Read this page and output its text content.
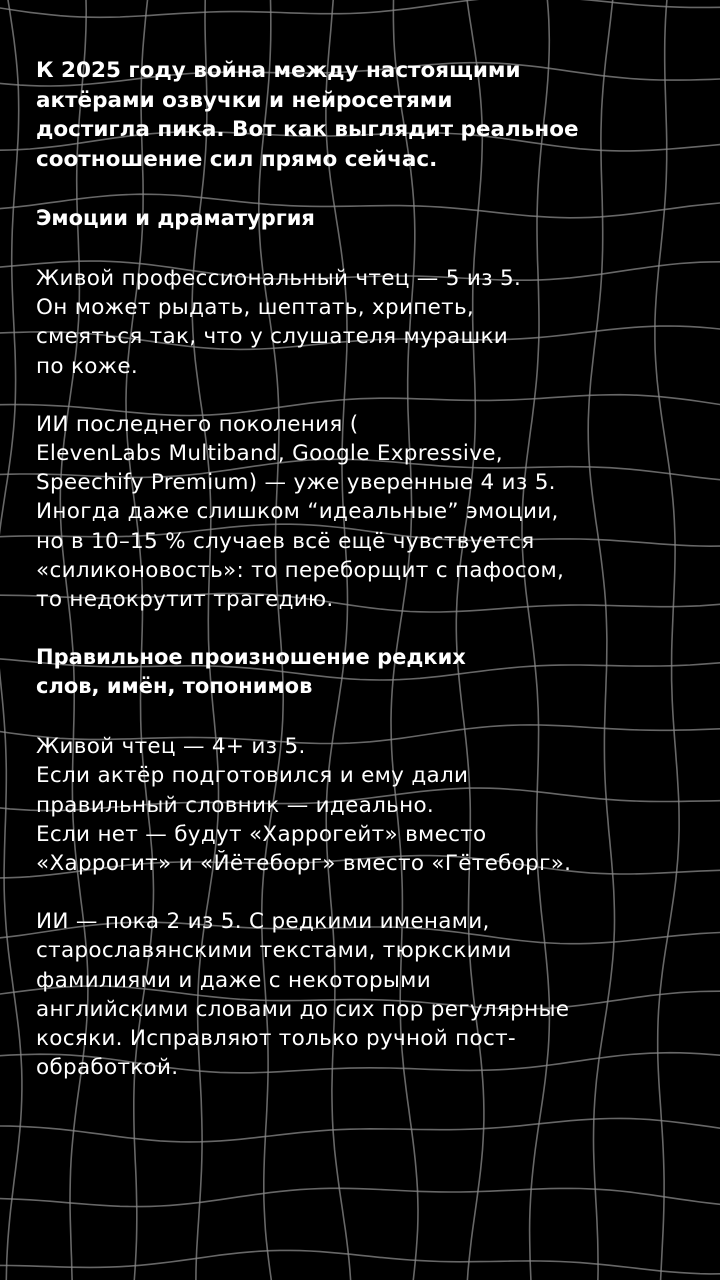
К 2025 году война между настоящими
актёрами озвучки и нейросетями
достигла пика. Вот как выглядит реальное
соотношение сил прямо сейчас.
Эмоции и драматургия
Живой профессиональный чтец — 5 из 5.
Он может рыдать, шептать, хрипеть,
смеяться так, что у слушателя мурашки
по коже.
ИИ последнего поколения (
ElevenLabs Multiband, Google Expressive,
Speechify Premium) — уже уверенные 4 из 5.
Иногда даже слишком “идеальные” эмоции,
но в 10–15 % случаев всё ещё чувствуется
«силиконовость»: то переборщит с пафосом,
то недокрутит трагедию.
Правильное произношение редких
слов, имён, топонимов
Живой чтец — 4+ из 5.
Если актёр подготовился и ему дали
правильный словник — идеально.
Если нет — будут «Харрогейт» вместо
«Харрогит» и «Йётеборг» вместо «Гётеборг».
ИИ — пока 2 из 5. С редкими именами,
старославянскими текстами, тюркскими
фамилиями и даже с некоторыми
английскими словами до сих пор регулярные
косяки. Исправляют только ручной пост-
обработкой.
